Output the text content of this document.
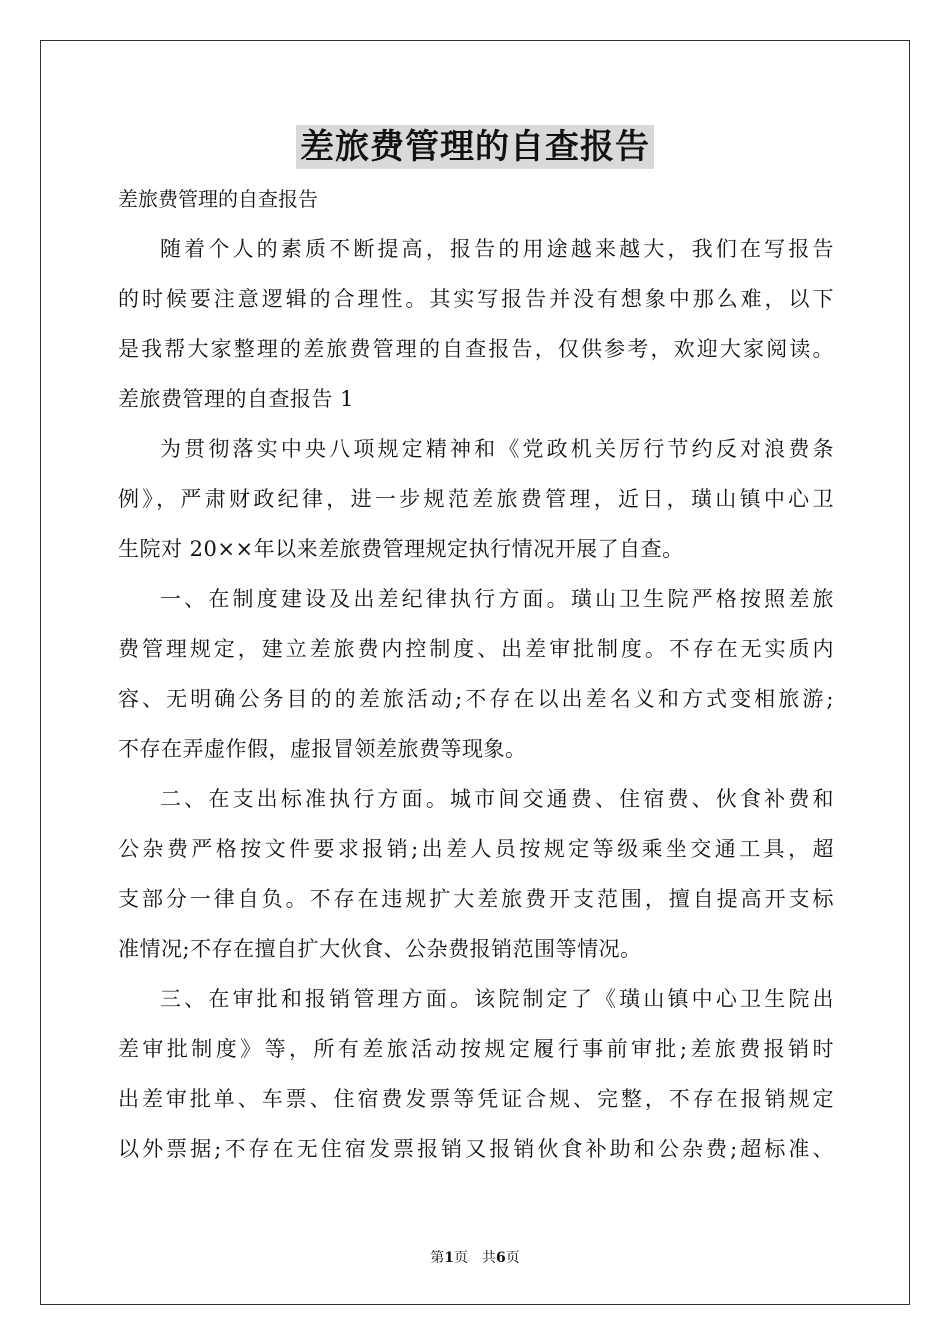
差旅费管理的自查报告
差旅费管理的自查报告
随着个人的素质不断提高，报告的用途越来越大，我们在写报告
的时候要注意逻辑的合理性。其实写报告并没有想象中那么难，以下
是我帮大家整理的差旅费管理的自查报告，仅供参考，欢迎大家阅读。
差旅费管理的自查报告 1
为贯彻落实中央八项规定精神和《党政机关厉行节约反对浪费条
例》，严肃财政纪律，进一步规范差旅费管理，近日，璜山镇中心卫
生院对 20××年以来差旅费管理规定执行情况开展了自查。
一、在制度建设及出差纪律执行方面。璜山卫生院严格按照差旅
费管理规定，建立差旅费内控制度、出差审批制度。不存在无实质内
容、无明确公务目的的差旅活动;不存在以出差名义和方式变相旅游;
不存在弄虚作假，虚报冒领差旅费等现象。
二、在支出标准执行方面。城市间交通费、住宿费、伙食补费和
公杂费严格按文件要求报销;出差人员按规定等级乘坐交通工具，超
支部分一律自负。不存在违规扩大差旅费开支范围，擅自提高开支标
准情况;不存在擅自扩大伙食、公杂费报销范围等情况。
三、在审批和报销管理方面。该院制定了《璜山镇中心卫生院出
差审批制度》等，所有差旅活动按规定履行事前审批;差旅费报销时
出差审批单、车票、住宿费发票等凭证合规、完整，不存在报销规定
以外票据;不存在无住宿发票报销又报销伙食补助和公杂费;超标准、
第1页　共6页
